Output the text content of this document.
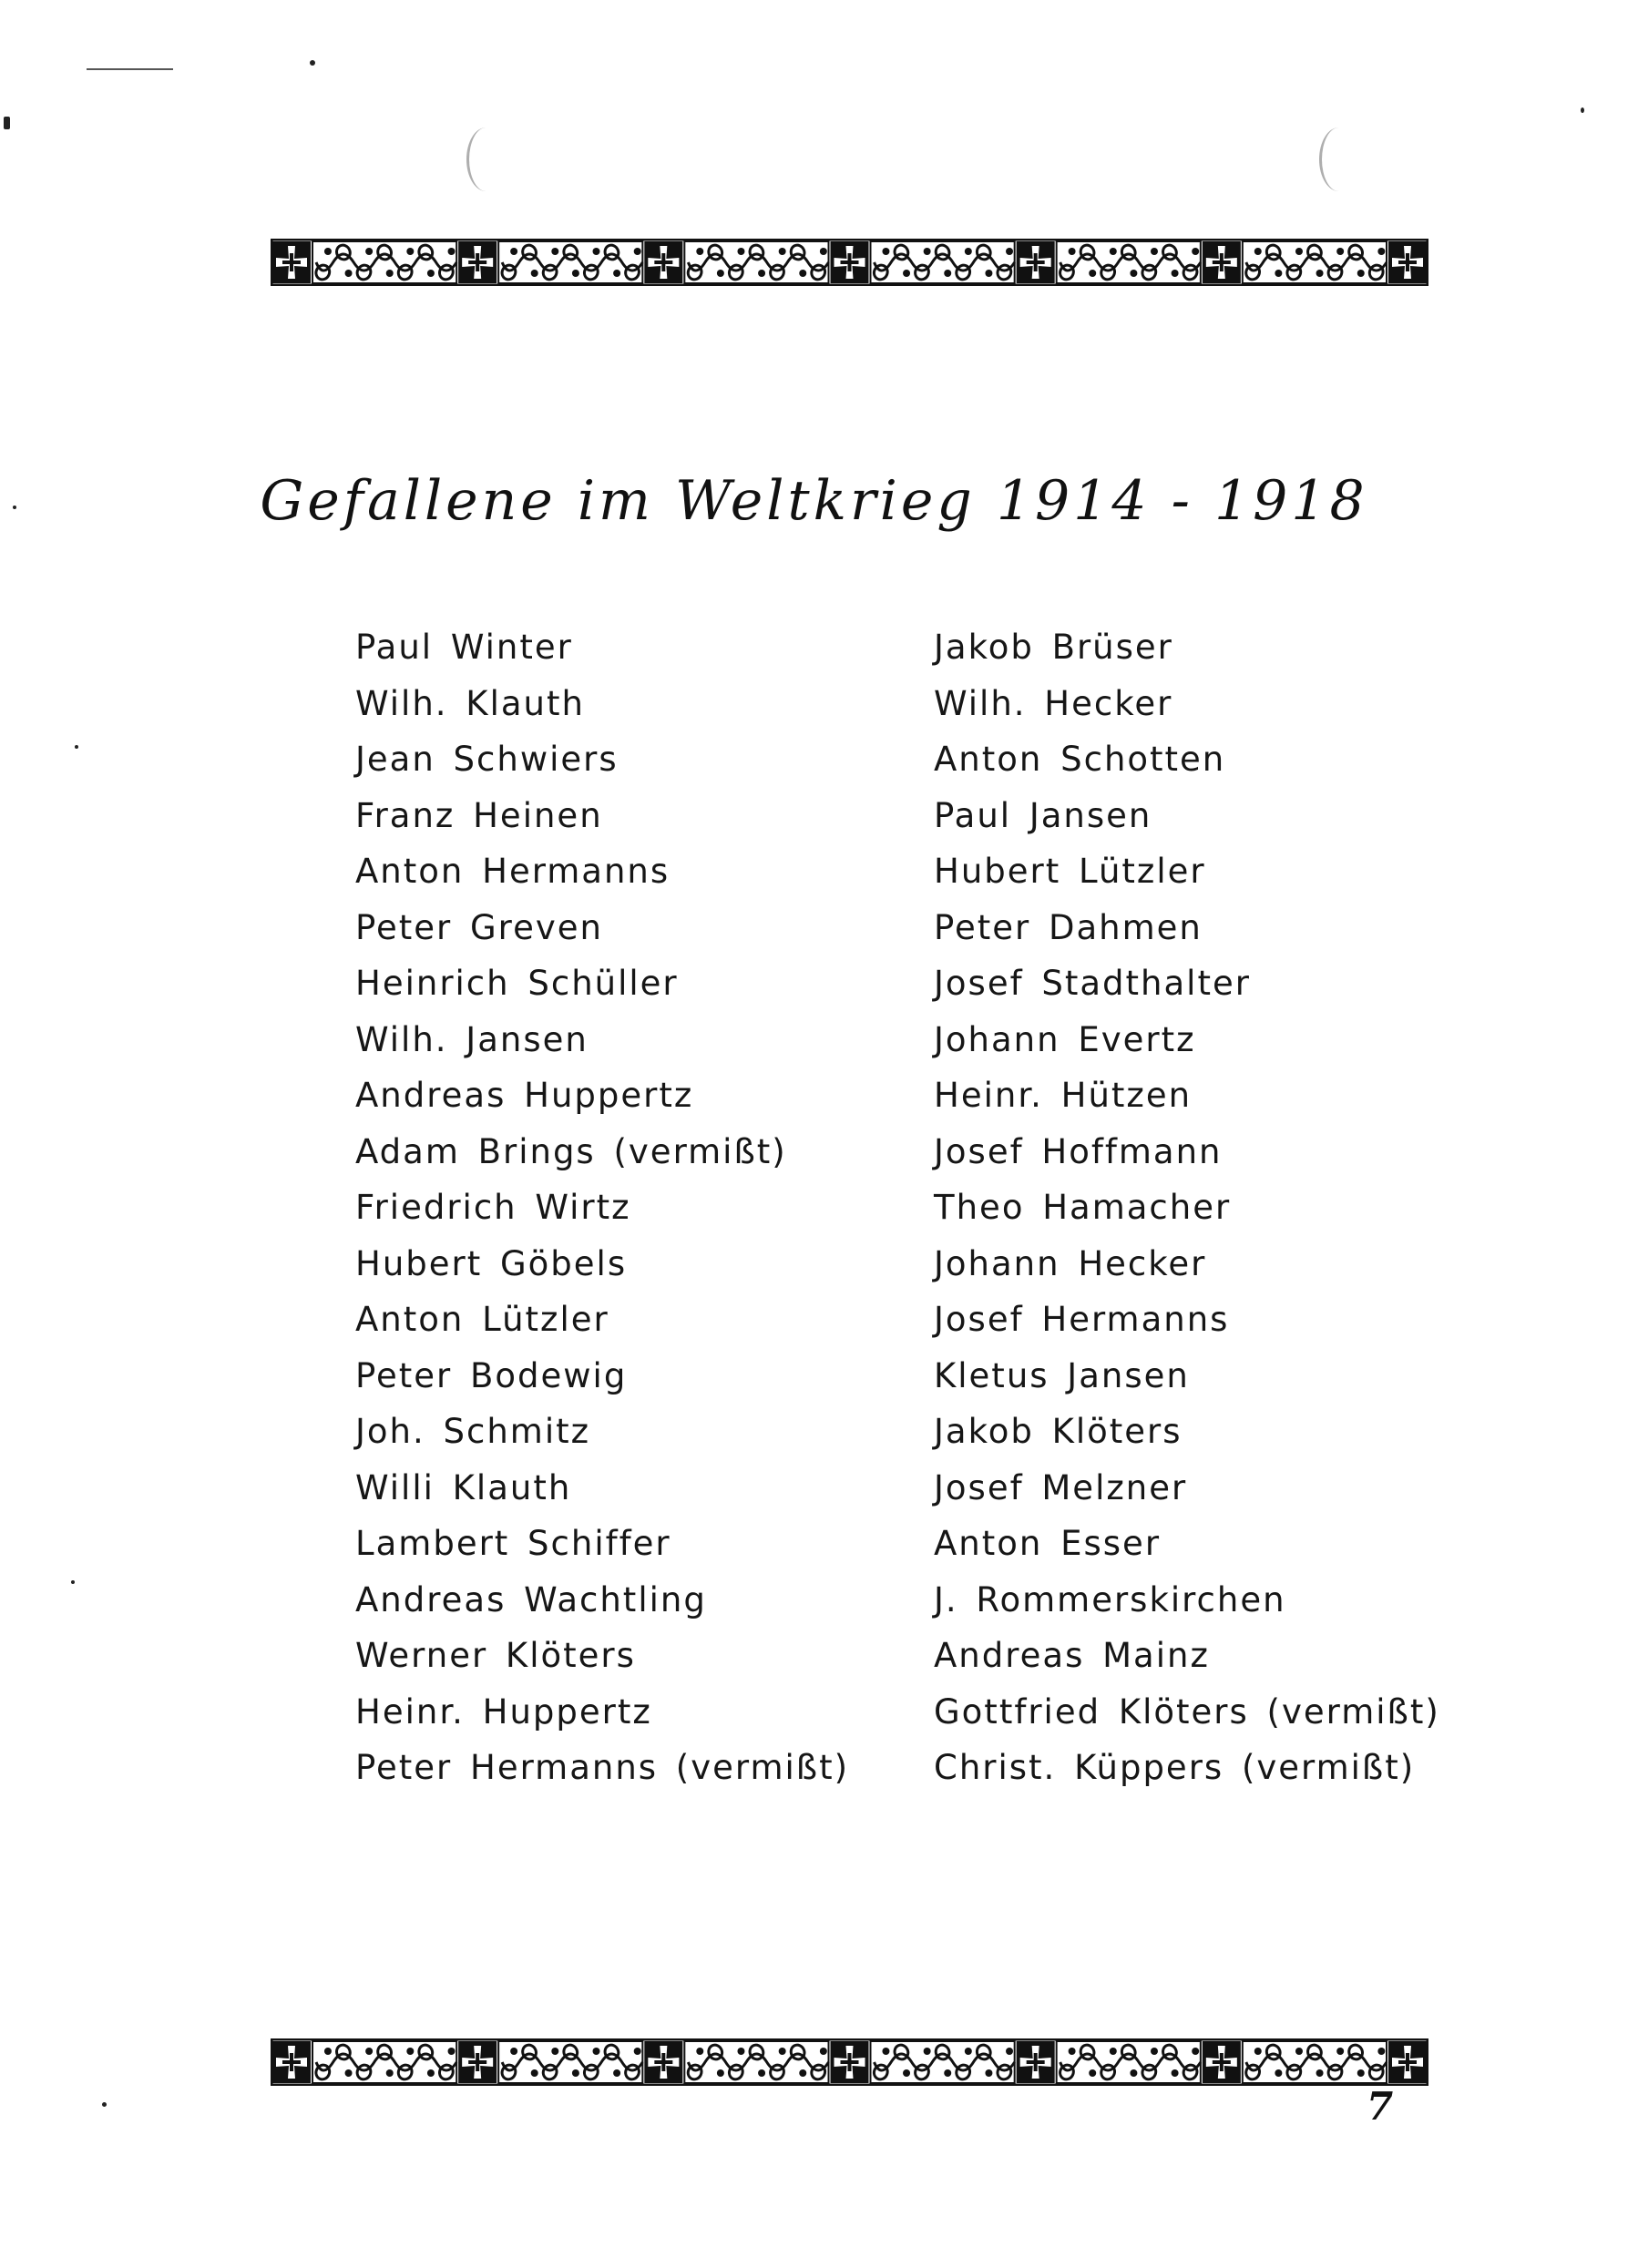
Gefallene im Weltkrieg 1914 - 1918
Paul Winter
Wilh. Klauth
Jean Schwiers
Franz Heinen
Anton Hermanns
Peter Greven
Heinrich Schüller
Wilh. Jansen
Andreas Huppertz
Adam Brings (vermißt)
Friedrich Wirtz
Hubert Göbels
Anton Lützler
Peter Bodewig
Joh. Schmitz
Willi Klauth
Lambert Schiffer
Andreas Wachtling
Werner Klöters
Heinr. Huppertz
Peter Hermanns (vermißt)
Jakob Brüser
Wilh. Hecker
Anton Schotten
Paul Jansen
Hubert Lützler
Peter Dahmen
Josef Stadthalter
Johann Evertz
Heinr. Hützen
Josef Hoffmann
Theo Hamacher
Johann Hecker
Josef Hermanns
Kletus Jansen
Jakob Klöters
Josef Melzner
Anton Esser
J. Rommerskirchen
Andreas Mainz
Gottfried Klöters (vermißt)
Christ. Küppers (vermißt)
7
